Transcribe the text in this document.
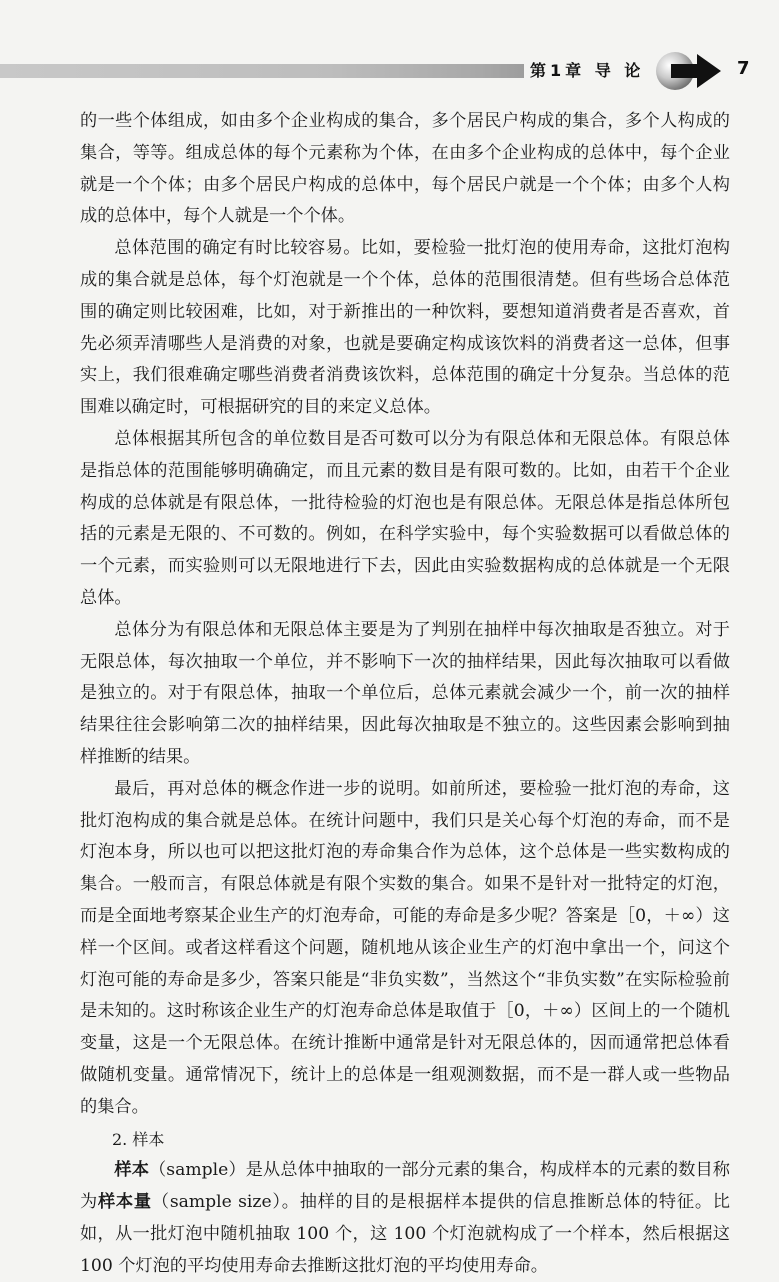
第1章 导 论	7

的一些个体组成，如由多个企业构成的集合，多个居民户构成的集合，多个人构成的集合，等等。组成总体的每个元素称为个体，在由多个企业构成的总体中，每个企业就是一个个体；由多个居民户构成的总体中，每个居民户就是一个个体；由多个人构成的总体中，每个人就是一个个体。

总体范围的确定有时比较容易。比如，要检验一批灯泡的使用寿命，这批灯泡构成的集合就是总体，每个灯泡就是一个个体，总体的范围很清楚。但有些场合总体范围的确定则比较困难，比如，对于新推出的一种饮料，要想知道消费者是否喜欢，首先必须弄清哪些人是消费的对象，也就是要确定构成该饮料的消费者这一总体，但事实上，我们很难确定哪些消费者消费该饮料，总体范围的确定十分复杂。当总体的范围难以确定时，可根据研究的目的来定义总体。

总体根据其所包含的单位数目是否可数可以分为有限总体和无限总体。有限总体是指总体的范围能够明确确定，而且元素的数目是有限可数的。比如，由若干个企业构成的总体就是有限总体，一批待检验的灯泡也是有限总体。无限总体是指总体所包括的元素是无限的、不可数的。例如，在科学实验中，每个实验数据可以看做总体的一个元素，而实验则可以无限地进行下去，因此由实验数据构成的总体就是一个无限总体。

总体分为有限总体和无限总体主要是为了判别在抽样中每次抽取是否独立。对于无限总体，每次抽取一个单位，并不影响下一次的抽样结果，因此每次抽取可以看做是独立的。对于有限总体，抽取一个单位后，总体元素就会减少一个，前一次的抽样结果往往会影响第二次的抽样结果，因此每次抽取是不独立的。这些因素会影响到抽样推断的结果。

最后，再对总体的概念作进一步的说明。如前所述，要检验一批灯泡的寿命，这批灯泡构成的集合就是总体。在统计问题中，我们只是关心每个灯泡的寿命，而不是灯泡本身，所以也可以把这批灯泡的寿命集合作为总体，这个总体是一些实数构成的集合。一般而言，有限总体就是有限个实数的集合。如果不是针对一批特定的灯泡，而是全面地考察某企业生产的灯泡寿命，可能的寿命是多少呢？答案是［0，＋∞）这样一个区间。或者这样看这个问题，随机地从该企业生产的灯泡中拿出一个，问这个灯泡可能的寿命是多少，答案只能是“非负实数”，当然这个“非负实数”在实际检验前是未知的。这时称该企业生产的灯泡寿命总体是取值于［0，＋∞）区间上的一个随机变量，这是一个无限总体。在统计推断中通常是针对无限总体的，因而通常把总体看做随机变量。通常情况下，统计上的总体是一组观测数据，而不是一群人或一些物品的集合。

2. 样本

样本（sample）是从总体中抽取的一部分元素的集合，构成样本的元素的数目称为样本量（sample size）。抽样的目的是根据样本提供的信息推断总体的特征。比如，从一批灯泡中随机抽取 100 个，这 100 个灯泡就构成了一个样本，然后根据这 100 个灯泡的平均使用寿命去推断这批灯泡的平均使用寿命。
